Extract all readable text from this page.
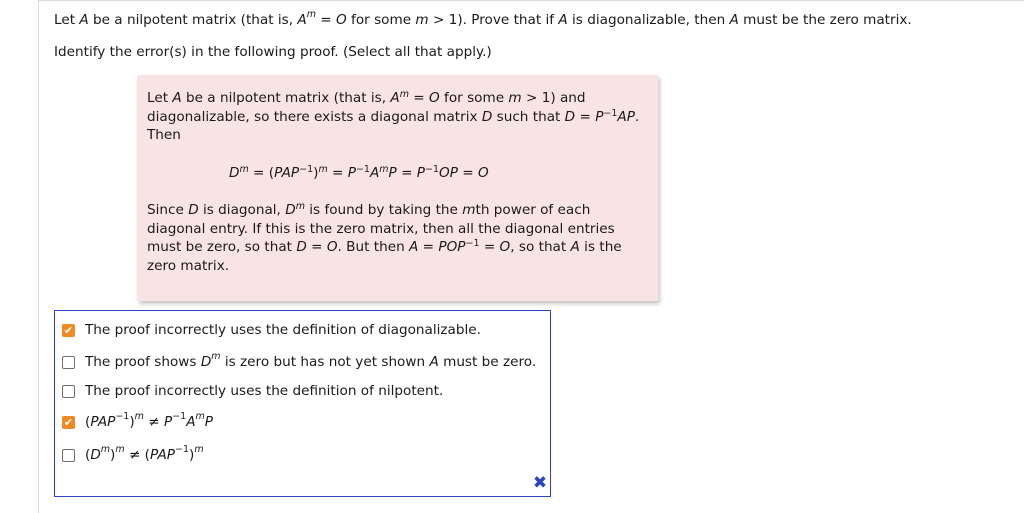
Let A be a nilpotent matrix (that is, $A^m = O$ for some m > 1). Prove that if A is diagonalizable, then A must be the zero matrix.
Identify the error(s) in the following proof. (Select all that apply.)
Let A be a nilpotent matrix (that is, $A^m = O$ for some m > 1) and diagonalizable, so there exists a diagonal matrix D such that $D = P^{-1}AP$. Then
$D^m = (PAP^{-1})^m = P^{-1}A^mP = P^{-1}OP = O$
Since D is diagonal, $D^m$ is found by taking the mth power of each diagonal entry. If this is the zero matrix, then all the diagonal entries must be zero, so that D = O. But then $A = POP^{-1} = O$, so that A is the zero matrix.
✔ The proof incorrectly uses the definition of diagonalizable.
The proof shows $D^m$ is zero but has not yet shown A must be zero.
The proof incorrectly uses the definition of nilpotent.
✔ $(PAP^{-1})^m \ne P^{-1}A^mP$
$(D^m)^m \ne (PAP^{-1})^m$
✖
